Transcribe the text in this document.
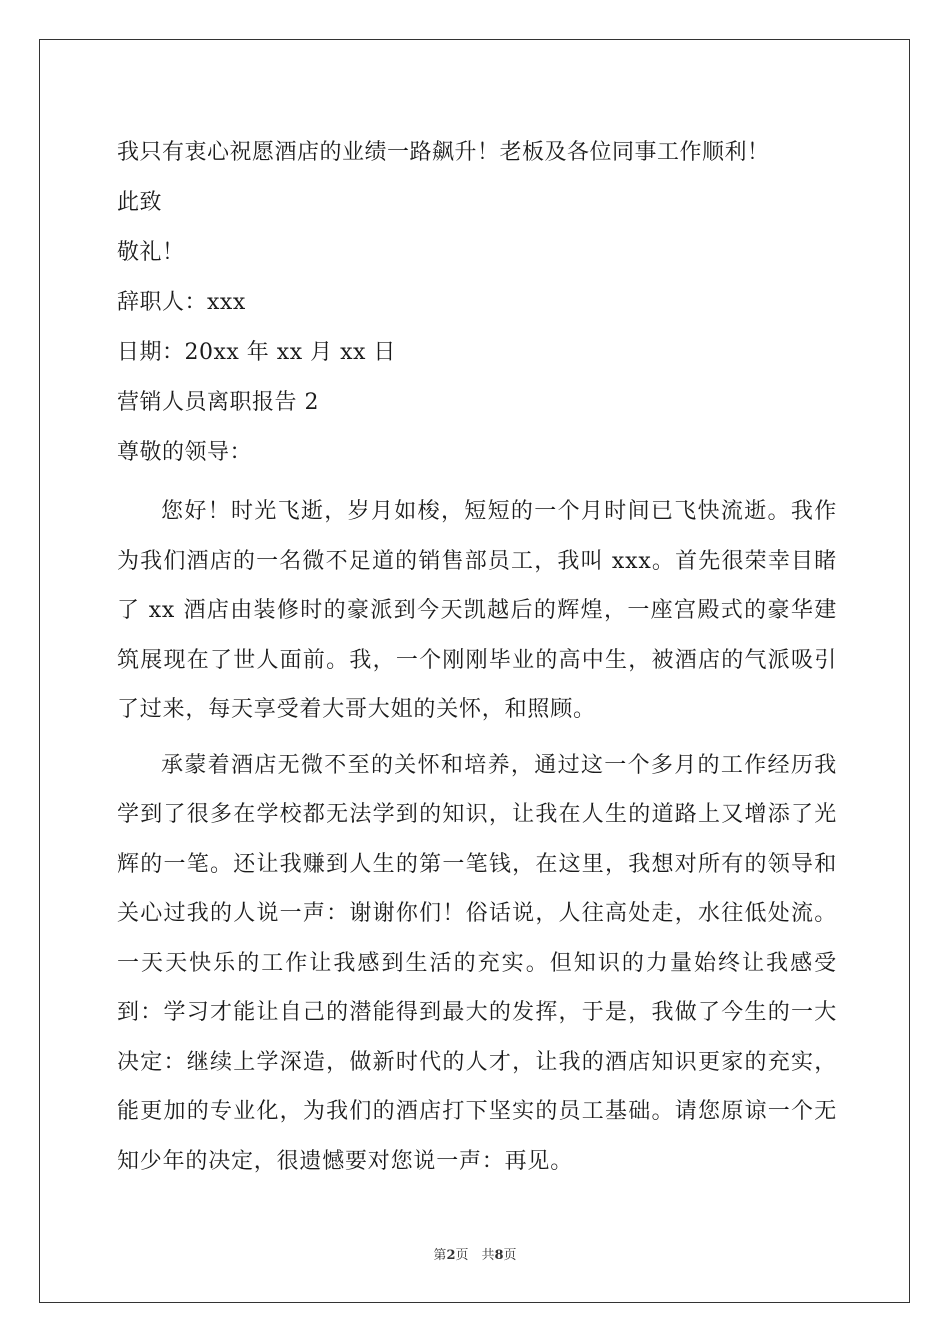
我只有衷心祝愿酒店的业绩一路飙升！老板及各位同事工作顺利！
此致
敬礼！
辞职人：xxx
日期：20xx 年 xx 月 xx 日
营销人员离职报告 2
尊敬的领导：

您好！时光飞逝，岁月如梭，短短的一个月时间已飞快流逝。我作为我们酒店的一名微不足道的销售部员工，我叫 xxx。首先很荣幸目睹了 xx 酒店由装修时的豪派到今天凯越后的辉煌，一座宫殿式的豪华建筑展现在了世人面前。我，一个刚刚毕业的高中生，被酒店的气派吸引了过来，每天享受着大哥大姐的关怀，和照顾。

承蒙着酒店无微不至的关怀和培养，通过这一个多月的工作经历我学到了很多在学校都无法学到的知识，让我在人生的道路上又增添了光辉的一笔。还让我赚到人生的第一笔钱，在这里，我想对所有的领导和关心过我的人说一声：谢谢你们！俗话说，人往高处走，水往低处流。一天天快乐的工作让我感到生活的充实。但知识的力量始终让我感受到：学习才能让自己的潜能得到最大的发挥，于是，我做了今生的一大决定：继续上学深造，做新时代的人才，让我的酒店知识更家的充实，能更加的专业化，为我们的酒店打下坚实的员工基础。请您原谅一个无知少年的决定，很遗憾要对您说一声：再见。

第2页　共8页
